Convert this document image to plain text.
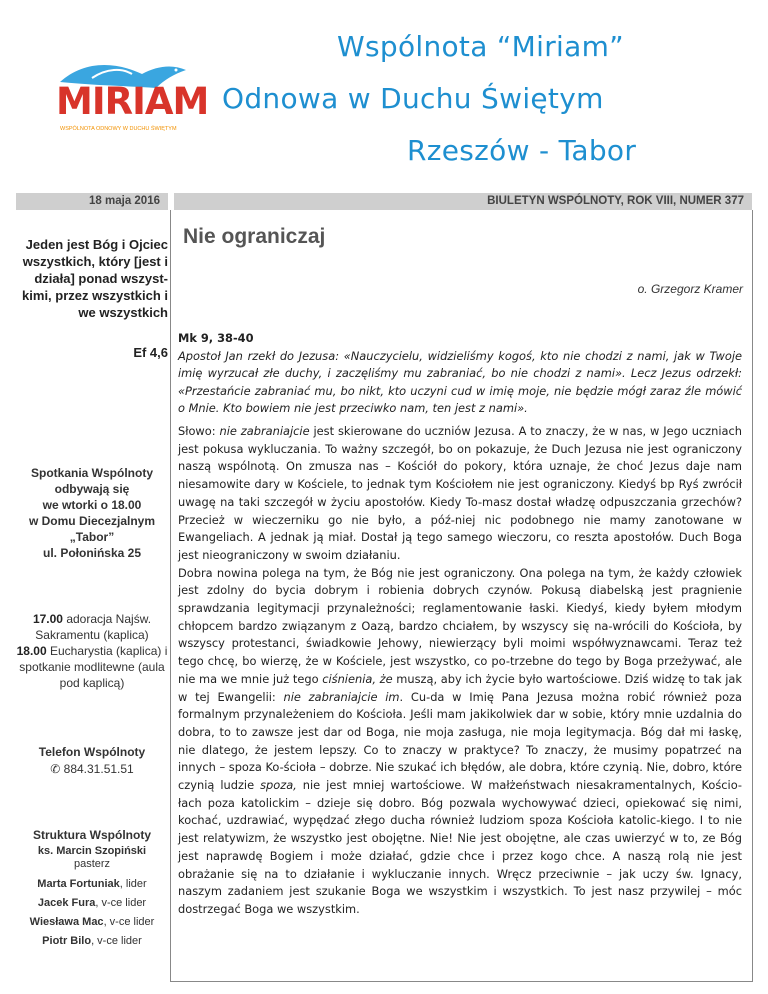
MIRIAM
WSPÓLNOTA ODNOWY W DUCHU ŚWIĘTYM
Wspólnota “Miriam”
Odnowa w Duchu Świętym
Rzeszów - Tabor
18 maja 2016	BIULETYN WSPÓLNOTY, ROK VIII, NUMER 377
Jeden jest Bóg i Ojciec wszystkich, który [jest i działa] ponad wszyst-kimi, przez wszystkich i we wszystkich
Ef 4,6
Spotkania Wspólnoty
odbywają się
we wtorki o 18.00
w Domu Diecezjalnym
„Tabor”
ul. Połonińska 25
17.00 adoracja Najśw. Sakramentu (kaplica)
18.00 Eucharystia (kaplica) i spotkanie modlitewne (aula pod kaplicą)
Telefon Wspólnoty
✆ 884.31.51.51
Struktura Wspólnoty
ks. Marcin Szopiński
pasterz
Marta Fortuniak, lider
Jacek Fura, v-ce lider
Wiesława Mac, v-ce lider
Piotr Bilo, v-ce lider
Nie ograniczaj
o. Grzegorz Kramer
Mk 9, 38-40
Apostoł Jan rzekł do Jezusa: «Nauczycielu, widzieliśmy kogoś, kto nie chodzi z nami, jak w Twoje imię wyrzucał złe duchy, i zaczęliśmy mu zabraniać, bo nie chodzi z nami». Lecz Jezus odrzekł: «Przestańcie zabraniać mu, bo nikt, kto uczyni cud w imię moje, nie będzie mógł zaraz źle mówić o Mnie. Kto bowiem nie jest przeciwko nam, ten jest z nami».

Słowo: nie zabraniajcie jest skierowane do uczniów Jezusa. A to znaczy, że w nas, w Jego uczniach jest pokusa wykluczania. To ważny szczegół, bo on pokazuje, że Duch Jezusa nie jest ograniczony naszą wspólnotą. On zmusza nas – Kościół do pokory, która uznaje, że choć Jezus daje nam niesamowite dary w Kościele, to jednak tym Kościołem nie jest ograniczony. Kiedyś bp Ryś zwrócił uwagę na taki szczegół w życiu apostołów. Kiedy To-masz dostał władzę odpuszczania grzechów? Przecież w wieczerniku go nie było, a póź-niej nic podobnego nie mamy zanotowane w Ewangeliach. A jednak ją miał. Dostał ją tego samego wieczoru, co reszta apostołów. Duch Boga jest nieograniczony w swoim działaniu.

Dobra nowina polega na tym, że Bóg nie jest ograniczony. Ona polega na tym, że każdy człowiek jest zdolny do bycia dobrym i robienia dobrych czynów. Pokusą diabelską jest pragnienie sprawdzania legitymacji przynależności; reglamentowanie łaski. Kiedyś, kiedy byłem młodym chłopcem bardzo związanym z Oazą, bardzo chciałem, by wszyscy się na-wrócili do Kościoła, by wszyscy protestanci, świadkowie Jehowy, niewierzący byli moimi współwyznawcami. Teraz też tego chcę, bo wierzę, że w Kościele, jest wszystko, co po-trzebne do tego by Boga przeżywać, ale nie ma we mnie już tego ciśnienia, że muszą, aby ich życie było wartościowe. Dziś widzę to tak jak w tej Ewangelii: nie zabraniajcie im. Cu-da w Imię Pana Jezusa można robić również poza formalnym przynależeniem do Kościoła. Jeśli mam jakikolwiek dar w sobie, który mnie uzdalnia do dobra, to to zawsze jest dar od Boga, nie moja zasługa, nie moja legitymacja. Bóg dał mi łaskę, nie dlatego, że jestem lepszy. Co to znaczy w praktyce? To znaczy, że musimy popatrzeć na innych – spoza Ko-ścioła – dobrze. Nie szukać ich błędów, ale dobra, które czynią. Nie, dobro, które czynią ludzie spoza, nie jest mniej wartościowe. W małżeństwach niesakramentalnych, Kościo-łach poza katolickim – dzieje się dobro. Bóg pozwala wychowywać dzieci, opiekować się nimi, kochać, uzdrawiać, wypędzać złego ducha również ludziom spoza Kościoła katolic-kiego. I to nie jest relatywizm, że wszystko jest obojętne. Nie! Nie jest obojętne, ale czas uwierzyć w to, ze Bóg jest naprawdę Bogiem i może działać, gdzie chce i przez kogo chce. A naszą rolą nie jest obrażanie się na to działanie i wykluczanie innych. Wręcz przeciwnie – jak uczy św. Ignacy, naszym zadaniem jest szukanie Boga we wszystkim i wszystkich. To jest nasz przywilej – móc dostrzegać Boga we wszystkim.
